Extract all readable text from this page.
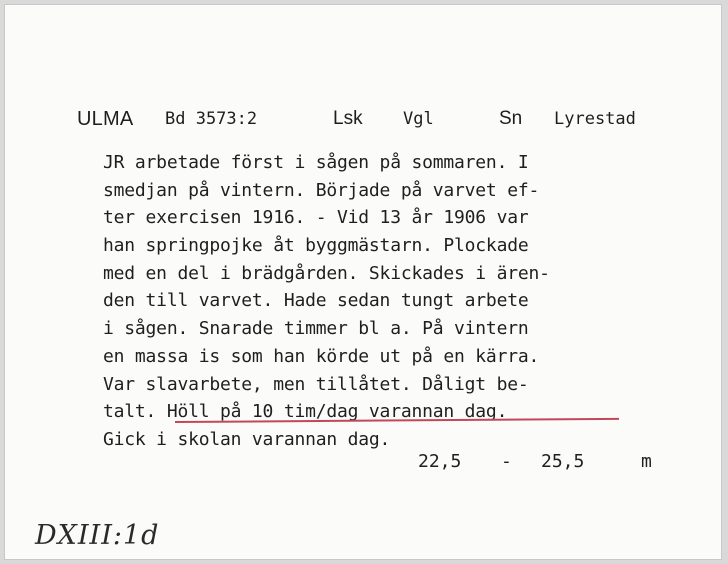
ULMA Bd 3573:2	Lsk Vgl	Sn Lyrestad
JR arbetade först i sågen på sommaren. I
smedjan på vintern. Började på varvet ef-
ter exercisen 1916. - Vid 13 år 1906 var
han springpojke åt byggmästarn. Plockade
med en del i brädgården. Skickades i ären-
den till varvet. Hade sedan tungt arbete
i sågen. Snarade timmer bl a. På vintern
en massa is som han körde ut på en kärra.
Var slavarbete, men tillåtet. Dåligt be-
talt. Höll på 10 tim/dag varannan dag.
Gick i skolan varannan dag.
22,5 - 25,5	m
DXIII:1d
